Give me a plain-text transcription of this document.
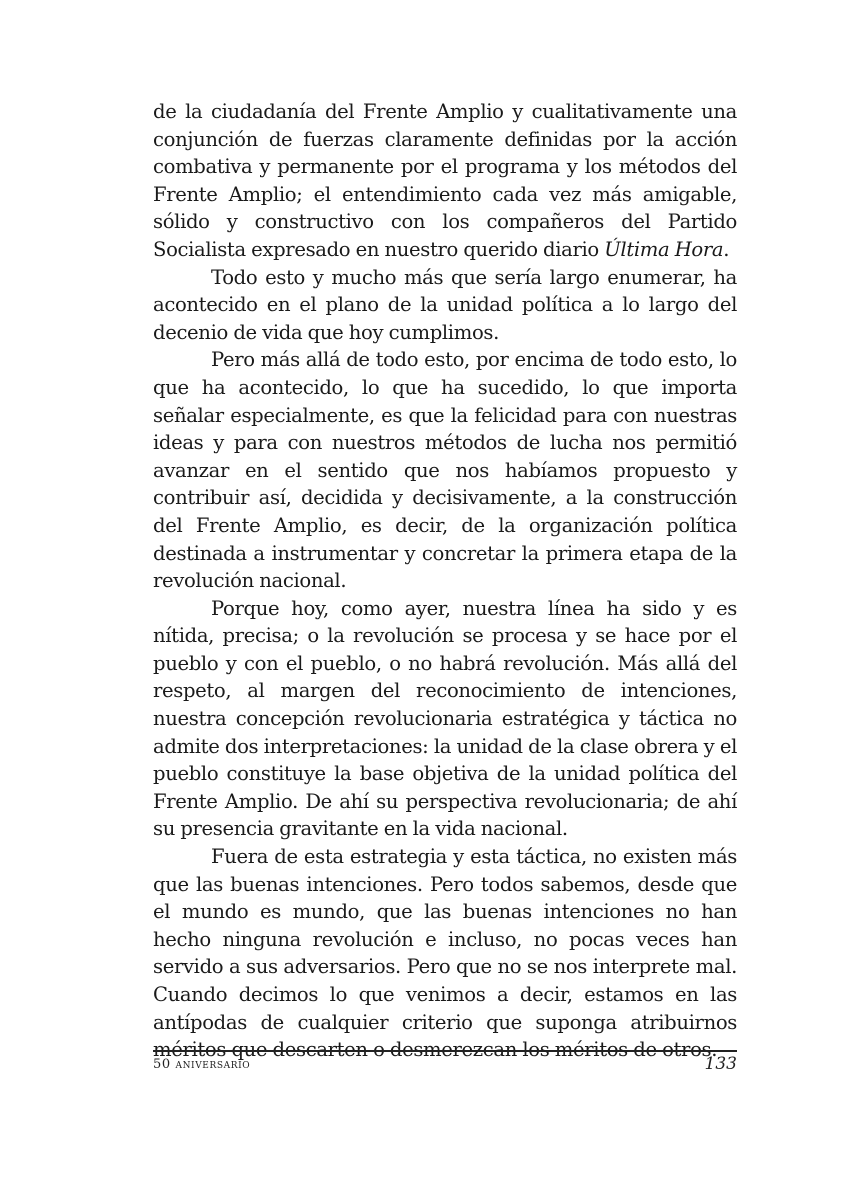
de la ciudadanía del Frente Amplio y cualitativamente una conjunción de fuerzas claramente definidas por la acción combativa y permanente por el programa y los métodos del Frente Amplio; el entendimiento cada vez más amigable, sólido y constructivo con los compañeros del Partido Socialista expresado en nuestro querido diario Última Hora.

Todo esto y mucho más que sería largo enumerar, ha acontecido en el plano de la unidad política a lo largo del decenio de vida que hoy cumplimos.

Pero más allá de todo esto, por encima de todo esto, lo que ha acontecido, lo que ha sucedido, lo que importa señalar especialmente, es que la felicidad para con nuestras ideas y para con nuestros métodos de lucha nos permitió avanzar en el sentido que nos habíamos propuesto y contribuir así, decidida y decisivamente, a la construcción del Frente Amplio, es decir, de la organización política destinada a instrumentar y concretar la primera etapa de la revolución nacional.

Porque hoy, como ayer, nuestra línea ha sido y es nítida, precisa; o la revolución se procesa y se hace por el pueblo y con el pueblo, o no habrá revolución. Más allá del respeto, al margen del reconocimiento de intenciones, nuestra concepción revolucionaria estratégica y táctica no admite dos interpretaciones: la unidad de la clase obrera y el pueblo constituye la base objetiva de la unidad política del Frente Amplio. De ahí su perspectiva revolucionaria; de ahí su presencia gravitante en la vida nacional.

Fuera de esta estrategia y esta táctica, no existen más que las buenas intenciones. Pero todos sabemos, desde que el mundo es mundo, que las buenas intenciones no han hecho ninguna revolución e incluso, no pocas veces han servido a sus adversarios. Pero que no se nos interprete mal. Cuando decimos lo que venimos a decir, estamos en las antípodas de cualquier criterio que suponga atribuirnos méritos que descarten o desmerezcan los méritos de otros.

50 aniversario	133
